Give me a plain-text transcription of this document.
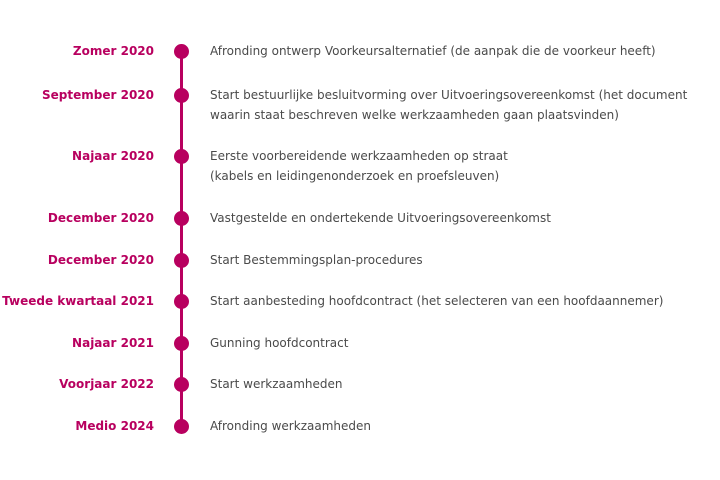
Zomer 2020	Afronding ontwerp Voorkeursalternatief (de aanpak die de voorkeur heeft)
September 2020	Start bestuurlijke besluitvorming over Uitvoeringsovereenkomst (het document
waarin staat beschreven welke werkzaamheden gaan plaatsvinden)
Najaar 2020	Eerste voorbereidende werkzaamheden op straat
(kabels en leidingenonderzoek en proefsleuven)
December 2020	Vastgestelde en ondertekende Uitvoeringsovereenkomst
December 2020	Start Bestemmingsplan-procedures
Tweede kwartaal 2021	Start aanbesteding hoofdcontract (het selecteren van een hoofdaannemer)
Najaar 2021	Gunning hoofdcontract
Voorjaar 2022	Start werkzaamheden
Medio 2024	Afronding werkzaamheden
